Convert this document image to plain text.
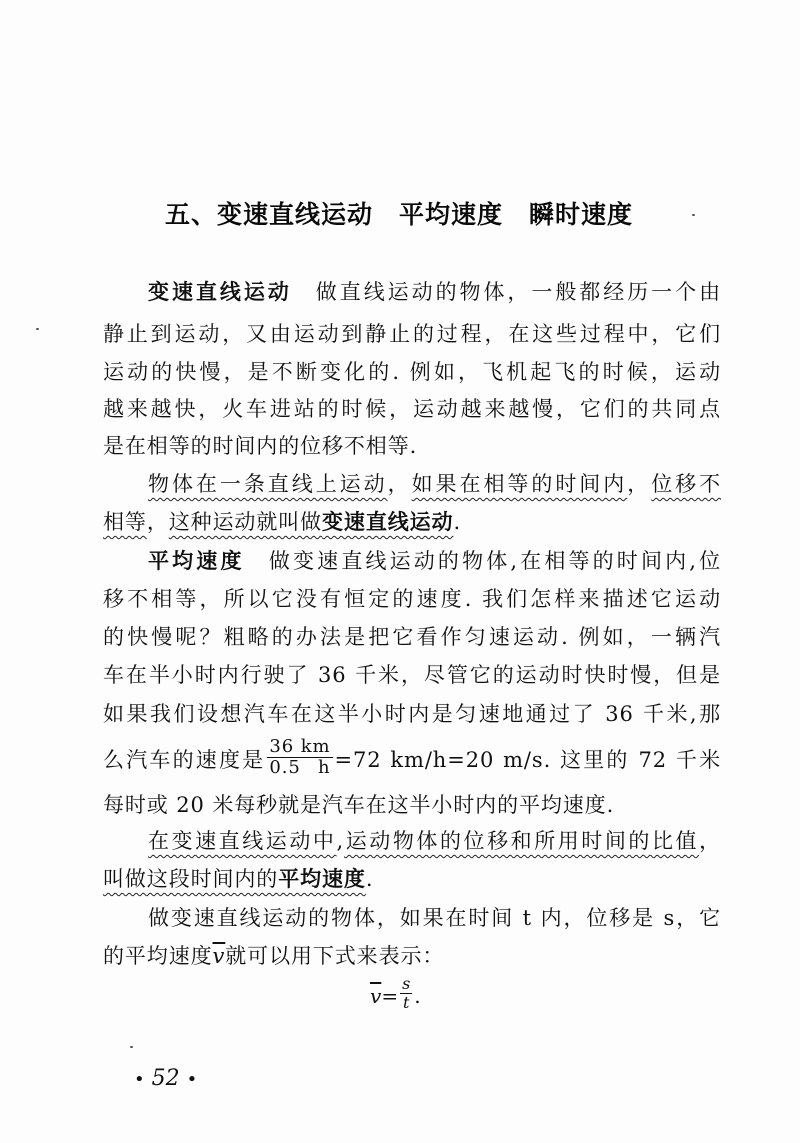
五、变速直线运动 平均速度 瞬时速度
变速直线运动 做直线运动的物体，一般都经历一个由
静止到运动，又由运动到静止的过程，在这些过程中，它们
运动的快慢，是不断变化的. 例如，飞机起飞的时候，运动
越来越快，火车进站的时候，运动越来越慢，它们的共同点
是在相等的时间内的位移不相等.
物体在一条直线上运动，如果在相等的时间内，位移不
相等，这种运动就叫做变速直线运动.
平均速度 做变速直线运动的物体,在相等的时间内,位
移不相等，所以它没有恒定的速度. 我们怎样来描述它运动
的快慢呢？粗略的办法是把它看作匀速运动. 例如，一辆汽
车在半小时内行驶了 36 千米，尽管它的运动时快时慢，但是
如果我们设想汽车在这半小时内是匀速地通过了 36 千米,那
么汽车的速度是 $\frac{36 km}{0.5 h} =72$ km/h=20 m/s. 这里的 72 千米
每时或 20 米每秒就是汽车在这半小时内的平均速度.
在变速直线运动中,运动物体的位移和所用时间的比值，
叫做这段时间内的平均速度.
做变速直线运动的物体，如果在时间 t 内，位移是 s，它
的平均速度$\overline{v}$就可以用下式来表示：
$\overline{v}= \frac{s}{t}$ .
• 52 •
